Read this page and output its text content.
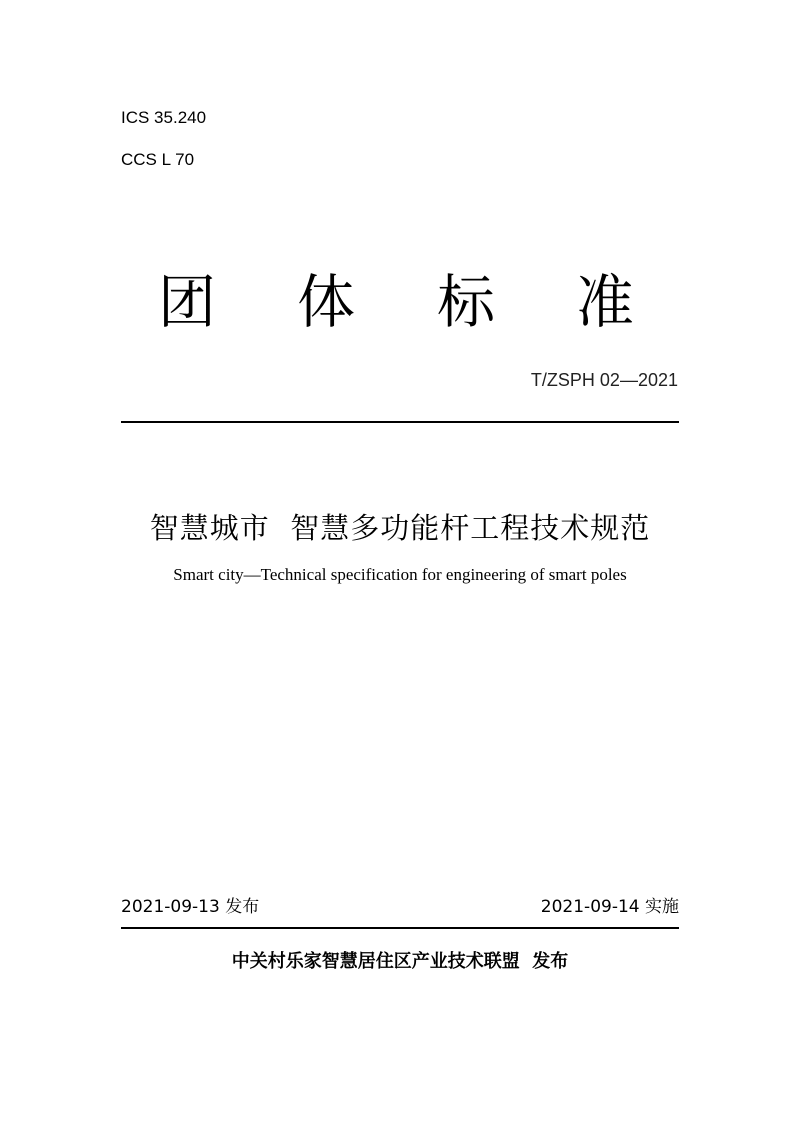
ICS 35.240
CCS L 70
团 体 标 准
T/ZSPH 02—2021
智慧城市  智慧多功能杆工程技术规范
Smart city—Technical specification for engineering of smart poles
2021-09-13 发布	2021-09-14 实施
中关村乐家智慧居住区产业技术联盟  发布
